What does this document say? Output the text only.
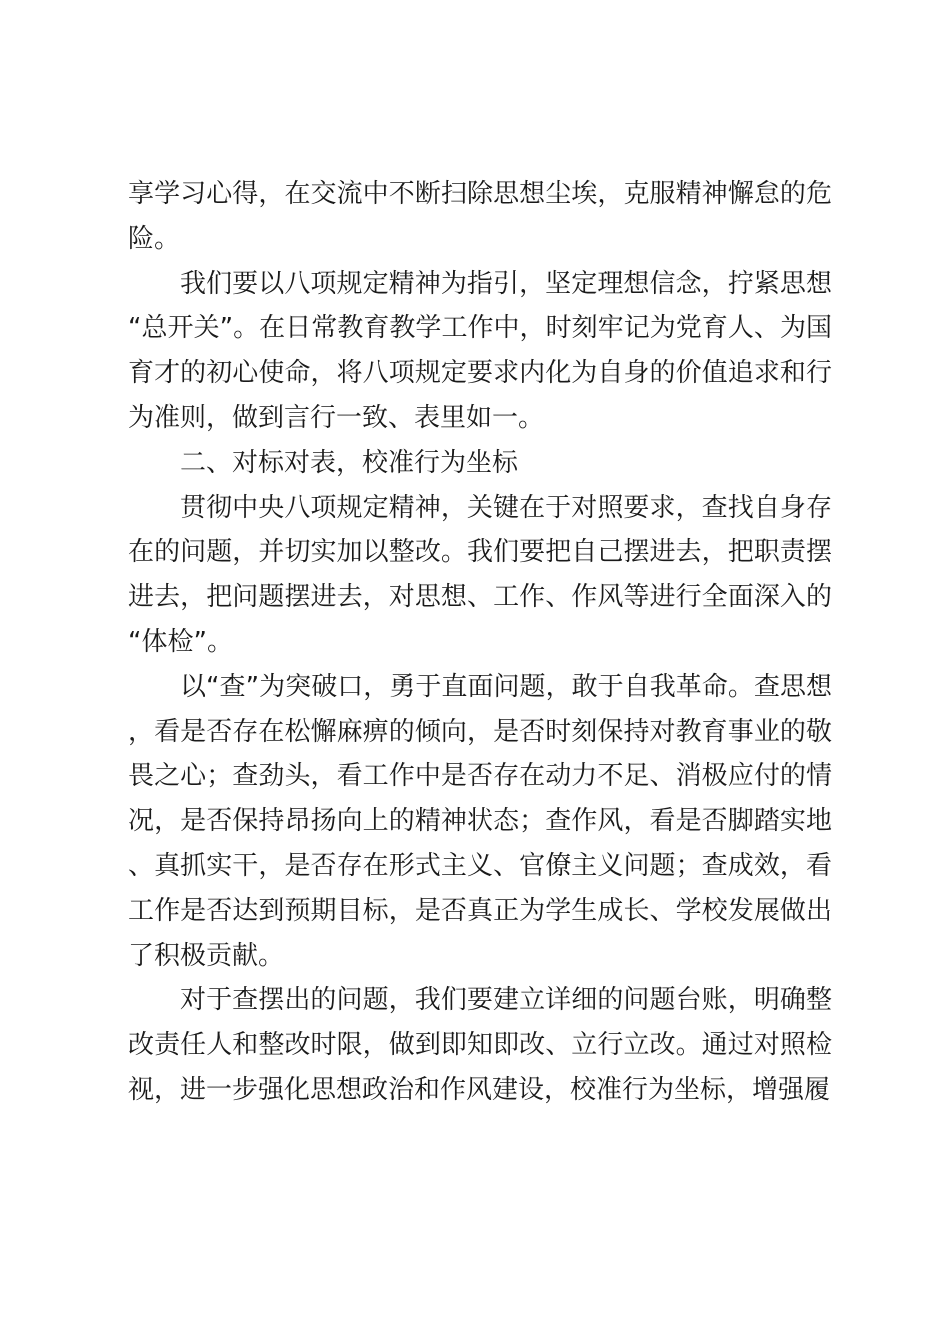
享学习心得，在交流中不断扫除思想尘埃，克服精神懈怠的危险。

我们要以八项规定精神为指引，坚定理想信念，拧紧思想“总开关”。在日常教育教学工作中，时刻牢记为党育人、为国育才的初心使命，将八项规定要求内化为自身的价值追求和行为准则，做到言行一致、表里如一。

二、对标对表，校准行为坐标

贯彻中央八项规定精神，关键在于对照要求，查找自身存在的问题，并切实加以整改。我们要把自己摆进去，把职责摆进去，把问题摆进去，对思想、工作、作风等进行全面深入的“体检”。

以“查”为突破口，勇于直面问题，敢于自我革命。查思想，看是否存在松懈麻痹的倾向，是否时刻保持对教育事业的敬畏之心；查劲头，看工作中是否存在动力不足、消极应付的情况，是否保持昂扬向上的精神状态；查作风，看是否脚踏实地、真抓实干，是否存在形式主义、官僚主义问题；查成效，看工作是否达到预期目标，是否真正为学生成长、学校发展做出了积极贡献。

对于查摆出的问题，我们要建立详细的问题台账，明确整改责任人和整改时限，做到即知即改、立行立改。通过对照检视，进一步强化思想政治和作风建设，校准行为坐标，增强履
